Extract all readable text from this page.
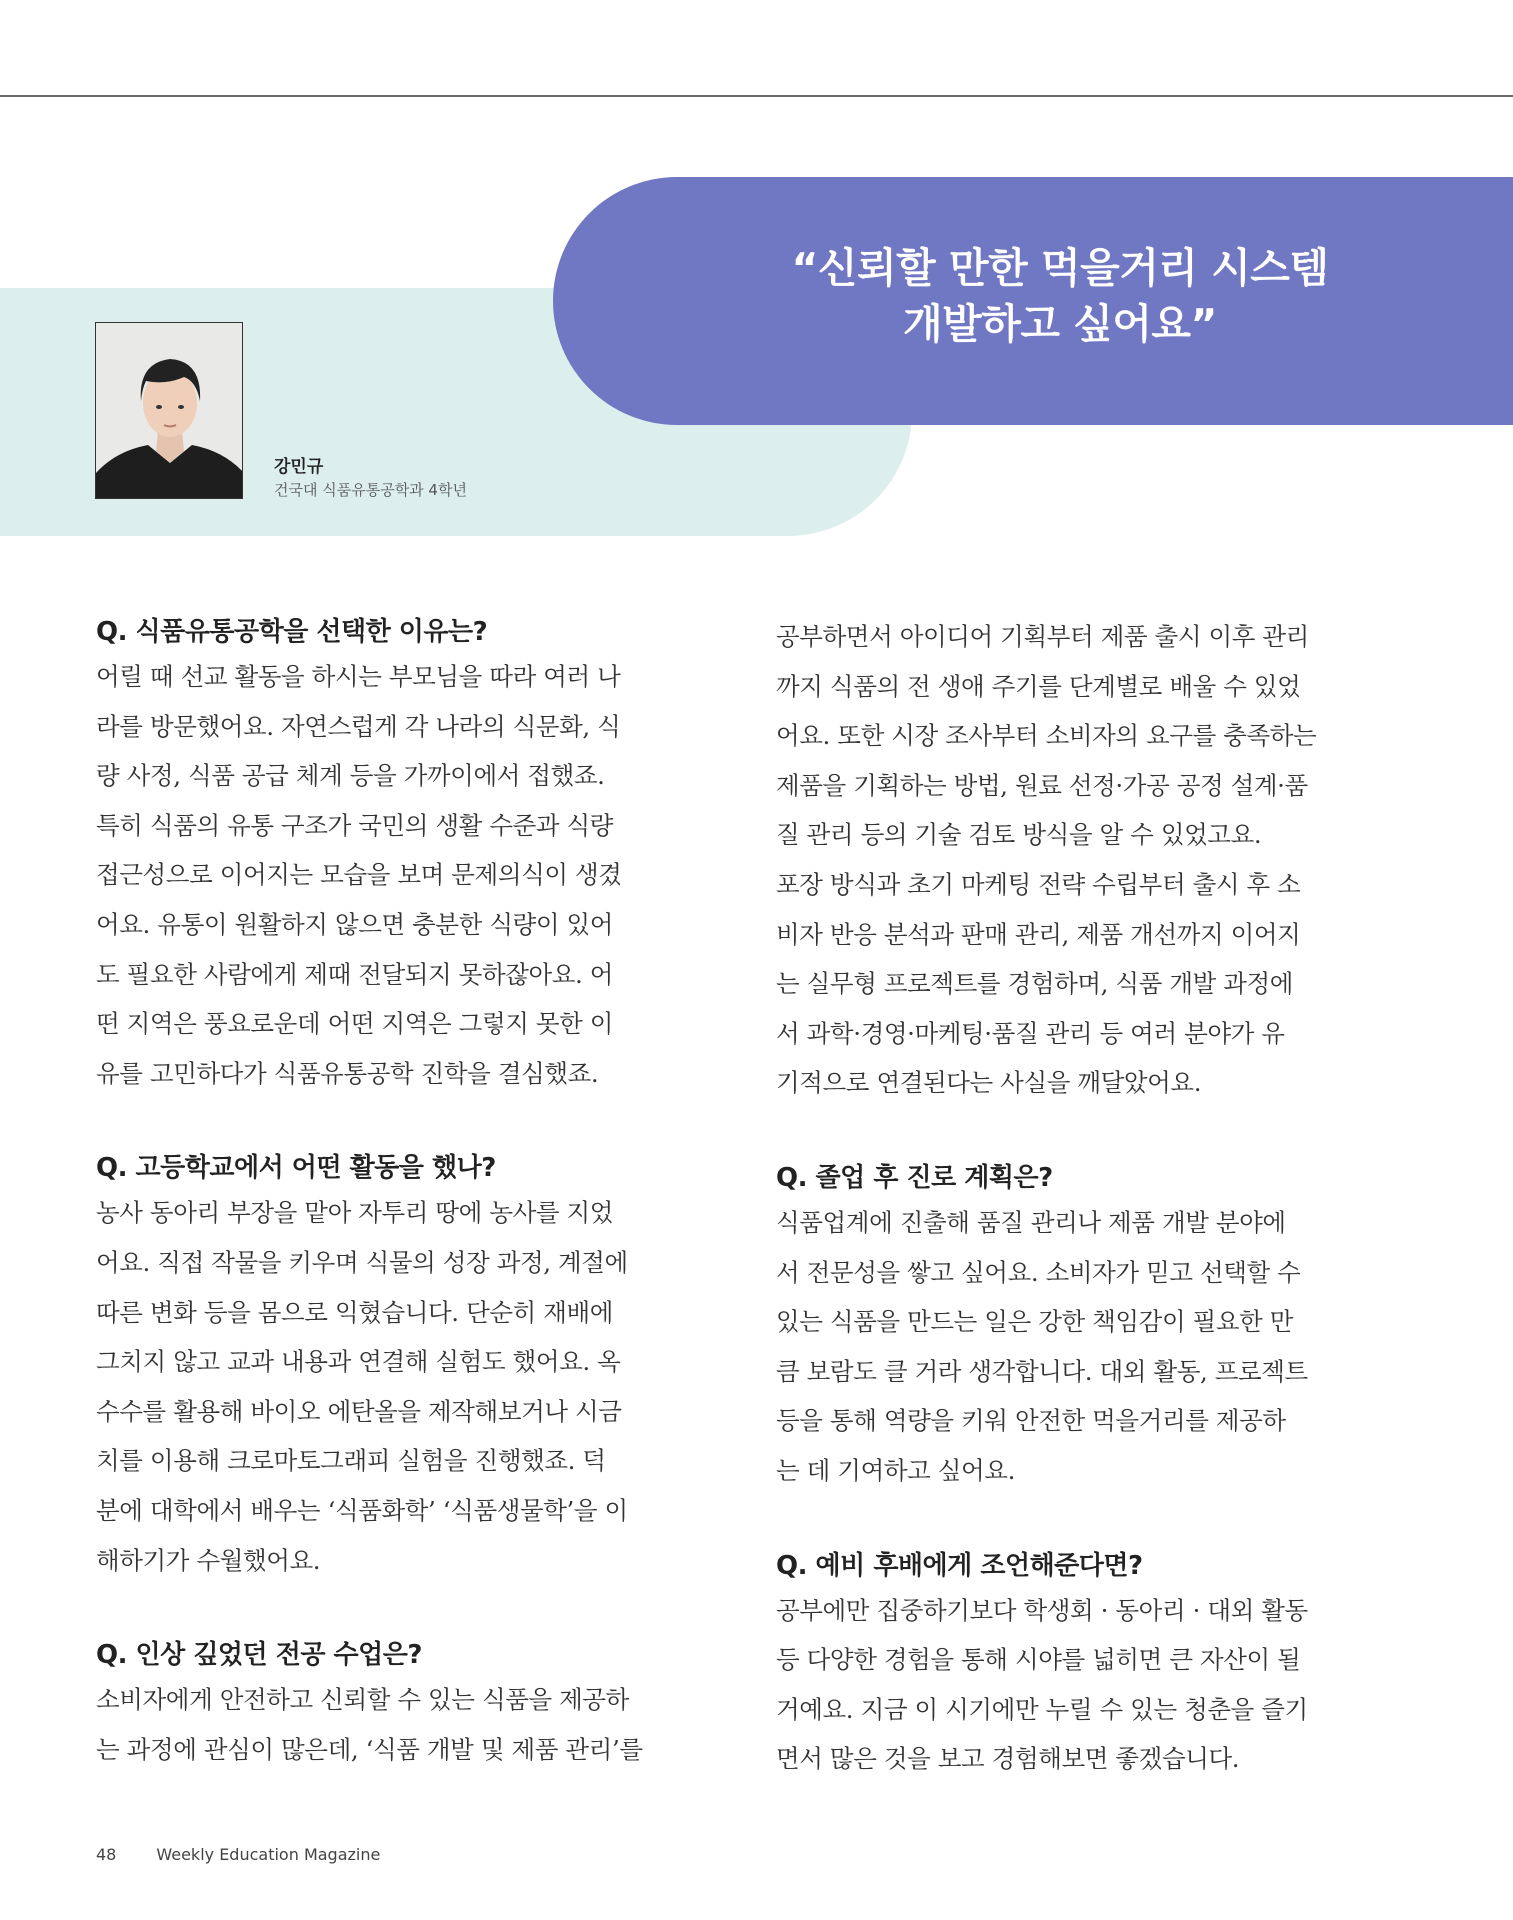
“신뢰할 만한 먹을거리 시스템
개발하고 싶어요”
강민규
건국대 식품유통공학과 4학년
Q. 식품유통공학을 선택한 이유는?
어릴 때 선교 활동을 하시는 부모님을 따라 여러 나
라를 방문했어요. 자연스럽게 각 나라의 식문화, 식
량 사정, 식품 공급 체계 등을 가까이에서 접했죠.
특히 식품의 유통 구조가 국민의 생활 수준과 식량
접근성으로 이어지는 모습을 보며 문제의식이 생겼
어요. 유통이 원활하지 않으면 충분한 식량이 있어
도 필요한 사람에게 제때 전달되지 못하잖아요. 어
떤 지역은 풍요로운데 어떤 지역은 그렇지 못한 이
유를 고민하다가 식품유통공학 진학을 결심했죠.
Q. 고등학교에서 어떤 활동을 했나?
농사 동아리 부장을 맡아 자투리 땅에 농사를 지었
어요. 직접 작물을 키우며 식물의 성장 과정, 계절에
따른 변화 등을 몸으로 익혔습니다. 단순히 재배에
그치지 않고 교과 내용과 연결해 실험도 했어요. 옥
수수를 활용해 바이오 에탄올을 제작해보거나 시금
치를 이용해 크로마토그래피 실험을 진행했죠. 덕
분에 대학에서 배우는 ‘식품화학’ ‘식품생물학’을 이
해하기가 수월했어요.
Q. 인상 깊었던 전공 수업은?
소비자에게 안전하고 신뢰할 수 있는 식품을 제공하
는 과정에 관심이 많은데, ‘식품 개발 및 제품 관리’를
공부하면서 아이디어 기획부터 제품 출시 이후 관리
까지 식품의 전 생애 주기를 단계별로 배울 수 있었
어요. 또한 시장 조사부터 소비자의 요구를 충족하는
제품을 기획하는 방법, 원료 선정·가공 공정 설계·품
질 관리 등의 기술 검토 방식을 알 수 있었고요.
포장 방식과 초기 마케팅 전략 수립부터 출시 후 소
비자 반응 분석과 판매 관리, 제품 개선까지 이어지
는 실무형 프로젝트를 경험하며, 식품 개발 과정에
서 과학·경영·마케팅·품질 관리 등 여러 분야가 유
기적으로 연결된다는 사실을 깨달았어요.
Q. 졸업 후 진로 계획은?
식품업계에 진출해 품질 관리나 제품 개발 분야에
서 전문성을 쌓고 싶어요. 소비자가 믿고 선택할 수
있는 식품을 만드는 일은 강한 책임감이 필요한 만
큼 보람도 클 거라 생각합니다. 대외 활동, 프로젝트
등을 통해 역량을 키워 안전한 먹을거리를 제공하
는 데 기여하고 싶어요.
Q. 예비 후배에게 조언해준다면?
공부에만 집중하기보다 학생회 · 동아리 · 대외 활동
등 다양한 경험을 통해 시야를 넓히면 큰 자산이 될
거예요. 지금 이 시기에만 누릴 수 있는 청춘을 즐기
면서 많은 것을 보고 경험해보면 좋겠습니다.
48	Weekly Education Magazine
